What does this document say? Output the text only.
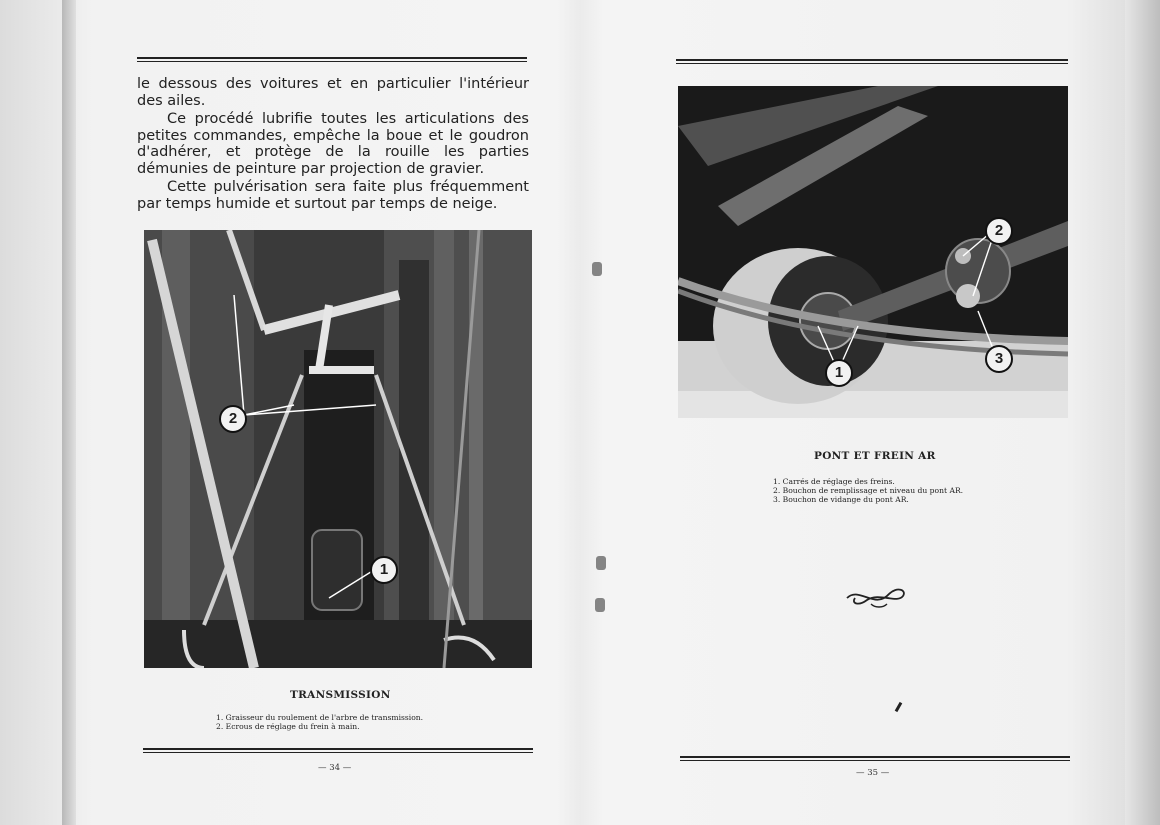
le dessous des voitures et en particulier l'intérieur des ailes.

Ce procédé lubrifie toutes les articulations des petites commandes, empêche la boue et le goudron d'adhérer, et protège de la rouille les parties démunies de peinture par projection de gravier.

Cette pulvérisation sera faite plus fréquemment par temps humide et surtout par temps de neige.

2
1
TRANSMISSION
1. Graisseur du roulement de l'arbre de transmission.
2. Ecrous de réglage du frein à main.
— 34 —
2
1
3
PONT ET FREIN AR
1. Carrés de réglage des freins.
2. Bouchon de remplissage et niveau du pont AR.
3. Bouchon de vidange du pont AR.
— 35 —
